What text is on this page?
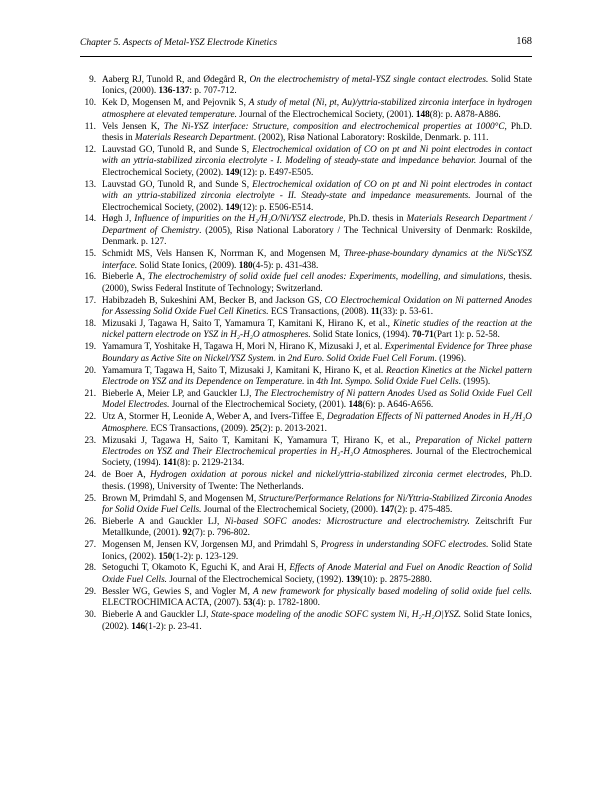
Chapter 5. Aspects of Metal-YSZ Electrode Kinetics	168
9. Aaberg RJ, Tunold R, and Ødegård R, On the electrochemistry of metal-YSZ single contact electrodes. Solid State Ionics, (2000). 136-137: p. 707-712.
10. Kek D, Mogensen M, and Pejovnik S, A study of metal (Ni, pt, Au)/yttria-stabilized zirconia interface in hydrogen atmosphere at elevated temperature. Journal of the Electrochemical Society, (2001). 148(8): p. A878-A886.
11. Vels Jensen K, The Ni-YSZ interface: Structure, composition and electrochemical properties at 1000°C, Ph.D. thesis in Materials Research Department. (2002), Risø National Laboratory: Roskilde, Denmark. p. 111.
12. Lauvstad GO, Tunold R, and Sunde S, Electrochemical oxidation of CO on pt and Ni point electrodes in contact with an yttria-stabilized zirconia electrolyte - I. Modeling of steady-state and impedance behavior. Journal of the Electrochemical Society, (2002). 149(12): p. E497-E505.
13. Lauvstad GO, Tunold R, and Sunde S, Electrochemical oxidation of CO on pt and Ni point electrodes in contact with an yttria-stabilized zirconia electrolyte - II. Steady-state and impedance measurements. Journal of the Electrochemical Society, (2002). 149(12): p. E506-E514.
14. Høgh J, Influence of impurities on the H₂/H₂O/Ni/YSZ electrode, Ph.D. thesis in Materials Research Department / Department of Chemistry. (2005), Risø National Laboratory / The Technical University of Denmark: Roskilde, Denmark. p. 127.
15. Schmidt MS, Vels Hansen K, Norrman K, and Mogensen M, Three-phase-boundary dynamics at the Ni/ScYSZ interface. Solid State Ionics, (2009). 180(4-5): p. 431-438.
16. Bieberle A, The electrochemistry of solid oxide fuel cell anodes: Experiments, modelling, and simulations, thesis. (2000), Swiss Federal Institute of Technology; Switzerland.
17. Habibzadeh B, Sukeshini AM, Becker B, and Jackson GS, CO Electrochemical Oxidation on Ni patterned Anodes for Assessing Solid Oxide Fuel Cell Kinetics. ECS Transactions, (2008). 11(33): p. 53-61.
18. Mizusaki J, Tagawa H, Saito T, Yamamura T, Kamitani K, Hirano K, et al., Kinetic studies of the reaction at the nickel pattern electrode on YSZ in H₂-H₂O atmospheres. Solid State Ionics, (1994). 70-71(Part 1): p. 52-58.
19. Yamamura T, Yoshitake H, Tagawa H, Mori N, Hirano K, Mizusaki J, et al. Experimental Evidence for Three phase Boundary as Active Site on Nickel/YSZ System. in 2nd Euro. Solid Oxide Fuel Cell Forum. (1996).
20. Yamamura T, Tagawa H, Saito T, Mizusaki J, Kamitani K, Hirano K, et al. Reaction Kinetics at the Nickel pattern Electrode on YSZ and its Dependence on Temperature. in 4th Int. Sympo. Solid Oxide Fuel Cells. (1995).
21. Bieberle A, Meier LP, and Gauckler LJ, The Electrochemistry of Ni pattern Anodes Used as Solid Oxide Fuel Cell Model Electrodes. Journal of the Electrochemical Society, (2001). 148(6): p. A646-A656.
22. Utz A, Stormer H, Leonide A, Weber A, and Ivers-Tiffee E, Degradation Effects of Ni patterned Anodes in H₂/H₂O Atmosphere. ECS Transactions, (2009). 25(2): p. 2013-2021.
23. Mizusaki J, Tagawa H, Saito T, Kamitani K, Yamamura T, Hirano K, et al., Preparation of Nickel pattern Electrodes on YSZ and Their Electrochemical properties in H₂-H₂O Atmospheres. Journal of the Electrochemical Society, (1994). 141(8): p. 2129-2134.
24. de Boer A, Hydrogen oxidation at porous nickel and nickel/yttria-stabilized zirconia cermet electrodes, Ph.D. thesis. (1998), University of Twente: The Netherlands.
25. Brown M, Primdahl S, and Mogensen M, Structure/Performance Relations for Ni/Yttria-Stabilized Zirconia Anodes for Solid Oxide Fuel Cells. Journal of the Electrochemical Society, (2000). 147(2): p. 475-485.
26. Bieberle A and Gauckler LJ, Ni-based SOFC anodes: Microstructure and electrochemistry. Zeitschrift Fur Metallkunde, (2001). 92(7): p. 796-802.
27. Mogensen M, Jensen KV, Jorgensen MJ, and Primdahl S, Progress in understanding SOFC electrodes. Solid State Ionics, (2002). 150(1-2): p. 123-129.
28. Setoguchi T, Okamoto K, Eguchi K, and Arai H, Effects of Anode Material and Fuel on Anodic Reaction of Solid Oxide Fuel Cells. Journal of the Electrochemical Society, (1992). 139(10): p. 2875-2880.
29. Bessler WG, Gewies S, and Vogler M, A new framework for physically based modeling of solid oxide fuel cells. ELECTROCHIMICA ACTA, (2007). 53(4): p. 1782-1800.
30. Bieberle A and Gauckler LJ, State-space modeling of the anodic SOFC system Ni, H₂-H₂O|YSZ. Solid State Ionics, (2002). 146(1-2): p. 23-41.
